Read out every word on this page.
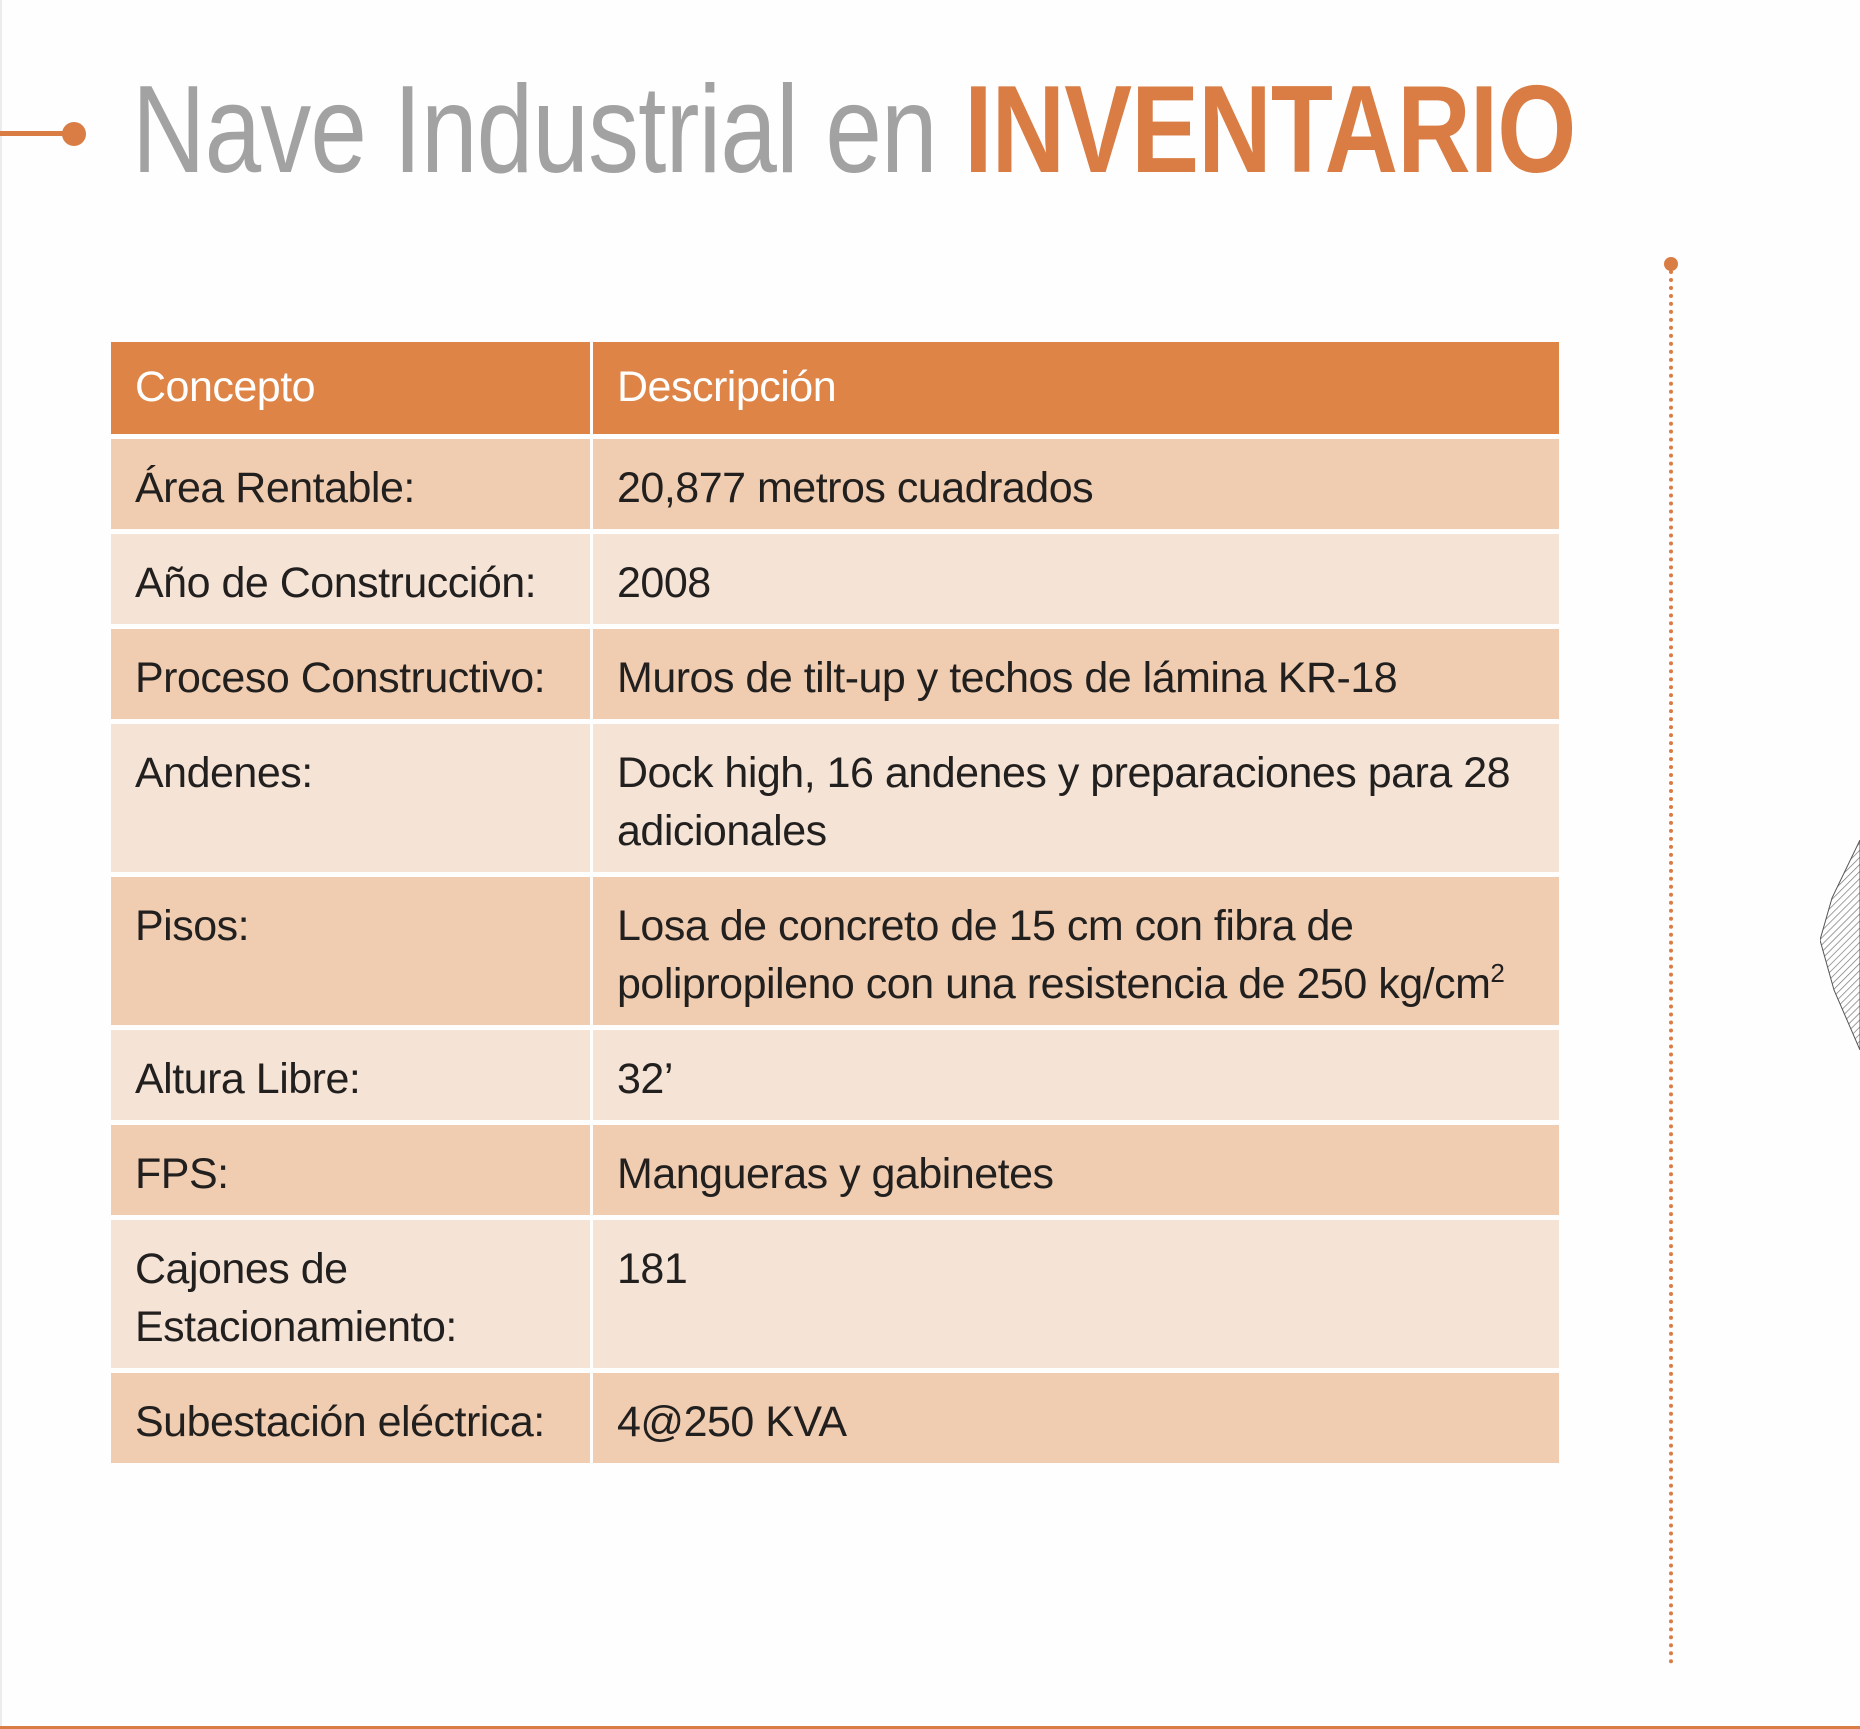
Nave Industrial en INVENTARIO
Concepto	Descripción
Área Rentable:	20,877 metros cuadrados
Año de Construcción:	2008
Proceso Constructivo:	Muros de tilt-up y techos de lámina KR-18
Andenes:	Dock high, 16 andenes y preparaciones para 28 adicionales
Pisos:	Losa de concreto de 15 cm con fibra de polipropileno con una resistencia de 250 $kg/cm^2$
Altura Libre:	32’
FPS:	Mangueras y gabinetes
Cajones de Estacionamiento:	181
Subestación eléctrica:	4@250 KVA
